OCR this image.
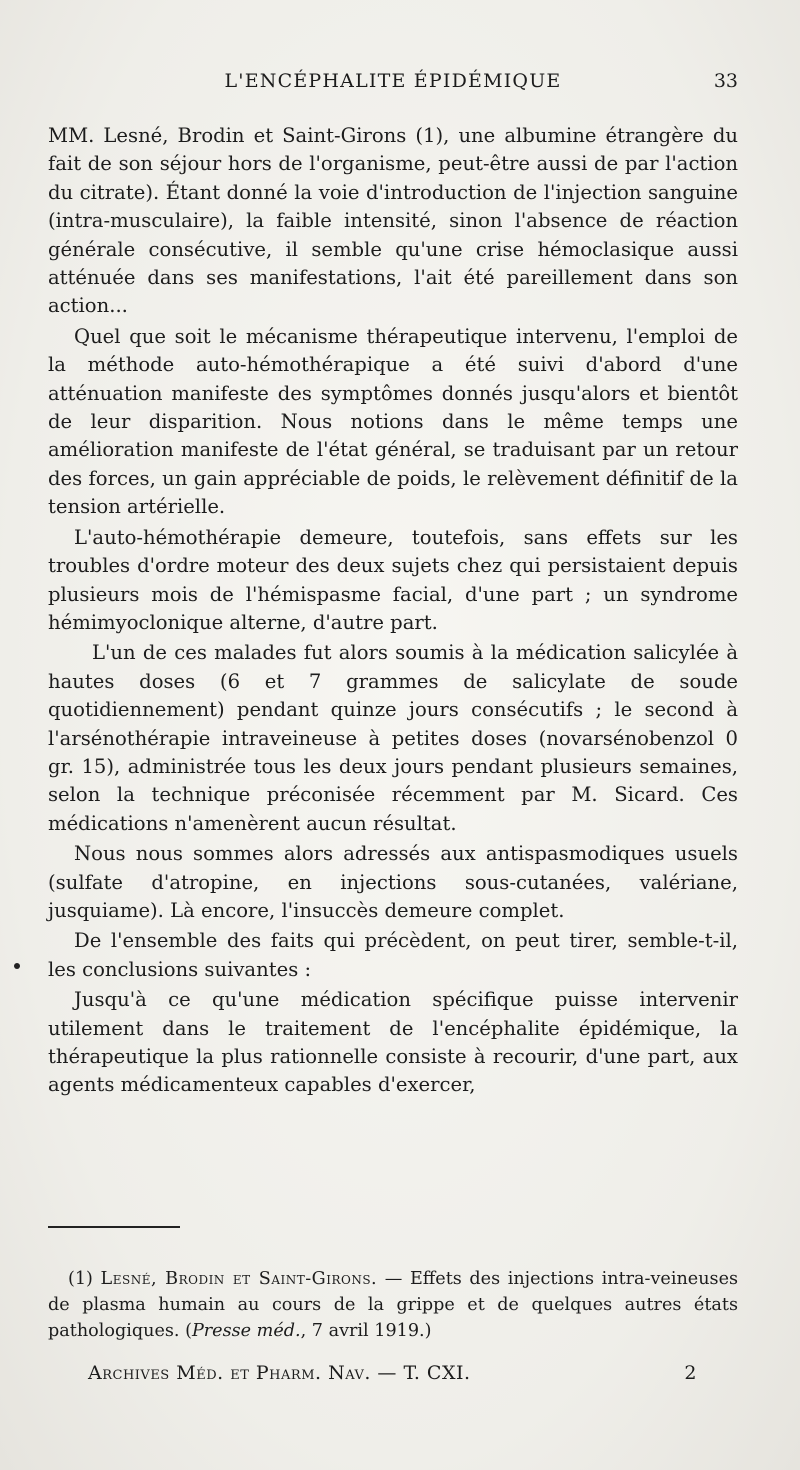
L'ENCÉPHALITE ÉPIDÉMIQUE	33

MM. Lesné, Brodin et Saint-Girons (1), une albumine étrangère du fait de son séjour hors de l'organisme, peut-être aussi de par l'action du citrate). Étant donné la voie d'introduction de l'injection sanguine (intra-musculaire), la faible intensité, sinon l'absence de réaction générale consécutive, il semble qu'une crise hémoclasique aussi atténuée dans ses manifestations, l'ait été pareillement dans son action...

Quel que soit le mécanisme thérapeutique intervenu, l'emploi de la méthode auto-hémothérapique a été suivi d'abord d'une atténuation manifeste des symptômes donnés jusqu'alors et bientôt de leur disparition. Nous notions dans le même temps une amélioration manifeste de l'état général, se traduisant par un retour des forces, un gain appréciable de poids, le relèvement définitif de la tension artérielle.

L'auto-hémothérapie demeure, toutefois, sans effets sur les troubles d'ordre moteur des deux sujets chez qui persistaient depuis plusieurs mois de l'hémispasme facial, d'une part ; un syndrome hémimyoclonique alterne, d'autre part.

L'un de ces malades fut alors soumis à la médication salicylée à hautes doses (6 et 7 grammes de salicylate de soude quotidiennement) pendant quinze jours consécutifs ; le second à l'arsénothérapie intraveineuse à petites doses (novarsénobenzol 0 gr. 15), administrée tous les deux jours pendant plusieurs semaines, selon la technique préconisée récemment par M. Sicard. Ces médications n'amenèrent aucun résultat.

Nous nous sommes alors adressés aux antispasmodiques usuels (sulfate d'atropine, en injections sous-cutanées, valériane, jusquiame). Là encore, l'insuccès demeure complet.

De l'ensemble des faits qui précèdent, on peut tirer, semble-t-il, les conclusions suivantes :

Jusqu'à ce qu'une médication spécifique puisse intervenir utilement dans le traitement de l'encéphalite épidémique, la thérapeutique la plus rationnelle consiste à recourir, d'une part, aux agents médicamenteux capables d'exercer,

(1) Lesné, Brodin et Saint-Girons. — Effets des injections intra-veineuses de plasma humain au cours de la grippe et de quelques autres états pathologiques. (Presse méd., 7 avril 1919.)

Archives Méd. et Pharm. Nav. — T. CXI.	2
